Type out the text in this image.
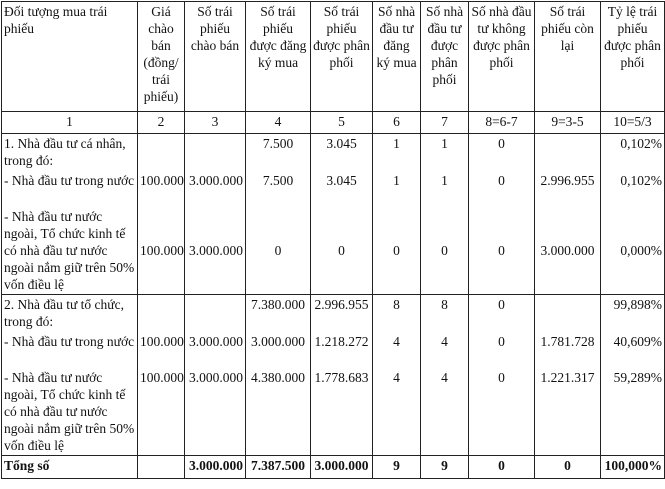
Đối tượng mua trái phiếu	Giá chào bán (đồng/ trái phiếu)	Số trái phiếu chào bán	Số trái phiếu được đăng ký mua	Số trái phiếu được phân phối	Số nhà đầu tư đăng ký mua	Số nhà đầu tư được phân phối	Số nhà đầu tư không được phân phối	Số trái phiếu còn lại	Tỷ lệ trái phiếu được phân phối
1	2	3	4	5	6	7	8=6-7	9=3-5	10=5/3
1. Nhà đầu tư cá nhân, trong đó:			7.500	3.045	1	1	0		0,102%
- Nhà đầu tư trong nước	100.000	3.000.000	7.500	3.045	1	1	0	2.996.955	0,102%
- Nhà đầu tư nước ngoài, Tổ chức kinh tế có nhà đầu tư nước ngoài nắm giữ trên 50% vốn điều lệ	100.000	3.000.000	0	0	0	0	0	3.000.000	0,000%
2. Nhà đầu tư tổ chức, trong đó:			7.380.000	2.996.955	8	8	0		99,898%
- Nhà đầu tư trong nước	100.000	3.000.000	3.000.000	1.218.272	4	4	0	1.781.728	40,609%
- Nhà đầu tư nước ngoài, Tổ chức kinh tế có nhà đầu tư nước ngoài nắm giữ trên 50% vốn điều lệ	100.000	3.000.000	4.380.000	1.778.683	4	4	0	1.221.317	59,289%
Tổng số		3.000.000	7.387.500	3.000.000	9	9	0	0	100,000%
